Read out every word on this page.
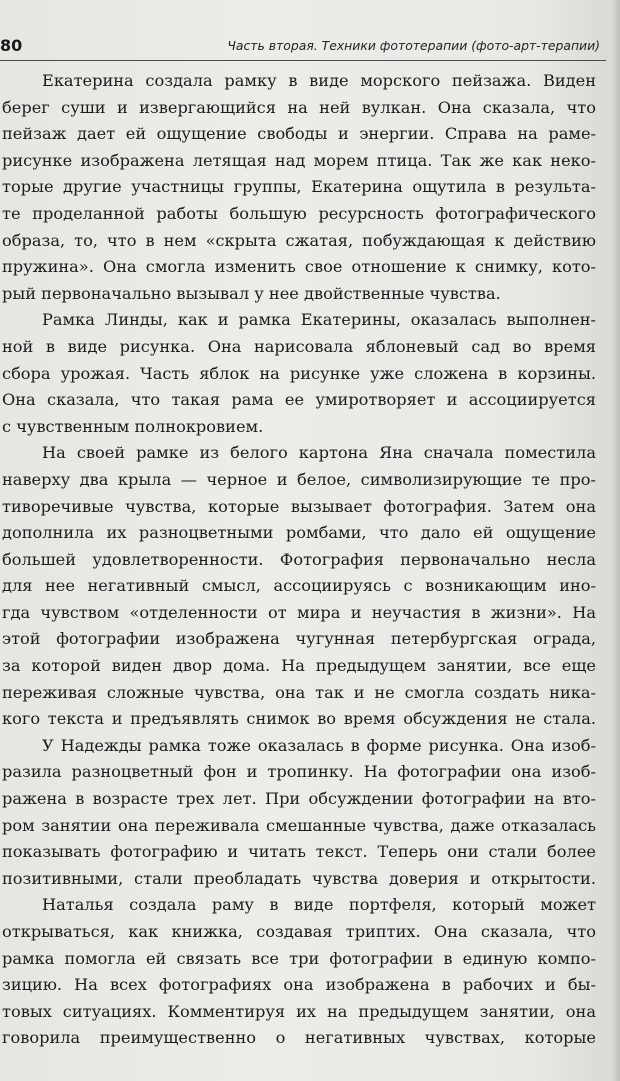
80	Часть вторая. Техники фототерапии (фото-арт-терапии)
Екатерина создала рамку в виде морского пейзажа. Виден
берег суши и извергающийся на ней вулкан. Она сказала, что
пейзаж дает ей ощущение свободы и энергии. Справа на раме-
рисунке изображена летящая над морем птица. Так же как неко-
торые другие участницы группы, Екатерина ощутила в результа-
те проделанной работы большую ресурсность фотографического
образа, то, что в нем «скрыта сжатая, побуждающая к действию
пружина». Она смогла изменить свое отношение к снимку, кото-
рый первоначально вызывал у нее двойственные чувства.
Рамка Линды, как и рамка Екатерины, оказалась выполнен-
ной в виде рисунка. Она нарисовала яблоневый сад во время
сбора урожая. Часть яблок на рисунке уже сложена в корзины.
Она сказала, что такая рама ее умиротворяет и ассоциируется
с чувственным полнокровием.
На своей рамке из белого картона Яна сначала поместила
наверху два крыла — черное и белое, символизирующие те про-
тиворечивые чувства, которые вызывает фотография. Затем она
дополнила их разноцветными ромбами, что дало ей ощущение
большей удовлетворенности. Фотография первоначально несла
для нее негативный смысл, ассоциируясь с возникающим ино-
гда чувством «отделенности от мира и неучастия в жизни». На
этой фотографии изображена чугунная петербургская ограда,
за которой виден двор дома. На предыдущем занятии, все еще
переживая сложные чувства, она так и не смогла создать ника-
кого текста и предъявлять снимок во время обсуждения не стала.
У Надежды рамка тоже оказалась в форме рисунка. Она изоб-
разила разноцветный фон и тропинку. На фотографии она изоб-
ражена в возрасте трех лет. При обсуждении фотографии на вто-
ром занятии она переживала смешанные чувства, даже отказалась
показывать фотографию и читать текст. Теперь они стали более
позитивными, стали преобладать чувства доверия и открытости.
Наталья создала раму в виде портфеля, который может
открываться, как книжка, создавая триптих. Она сказала, что
рамка помогла ей связать все три фотографии в единую компо-
зицию. На всех фотографиях она изображена в рабочих и бы-
товых ситуациях. Комментируя их на предыдущем занятии, она
говорила преимущественно о негативных чувствах, которые
